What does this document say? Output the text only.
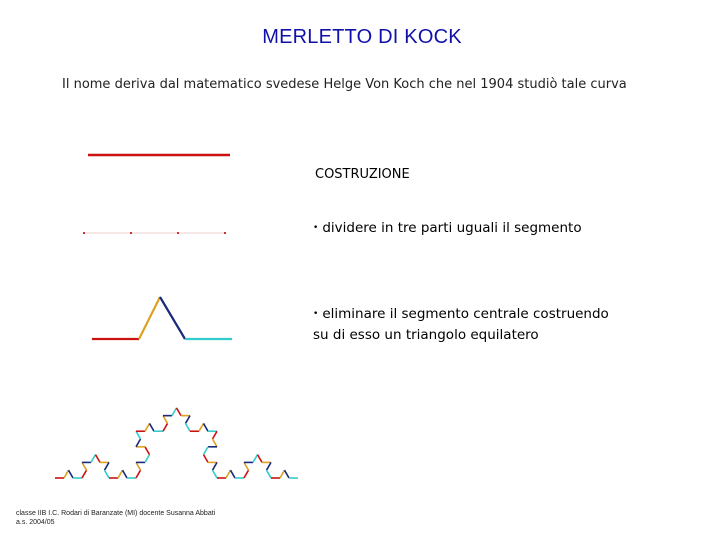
MERLETTO DI KOCK
Il nome deriva dal matematico svedese Helge Von Koch che nel 1904 studiò tale curva
COSTRUZIONE
• dividere in tre parti uguali il segmento
• eliminare il segmento centrale costruendo
su di esso un triangolo equilatero
classe IIB I.C. Rodari di Baranzate (MI) docente Susanna Abbati
a.s. 2004/05
